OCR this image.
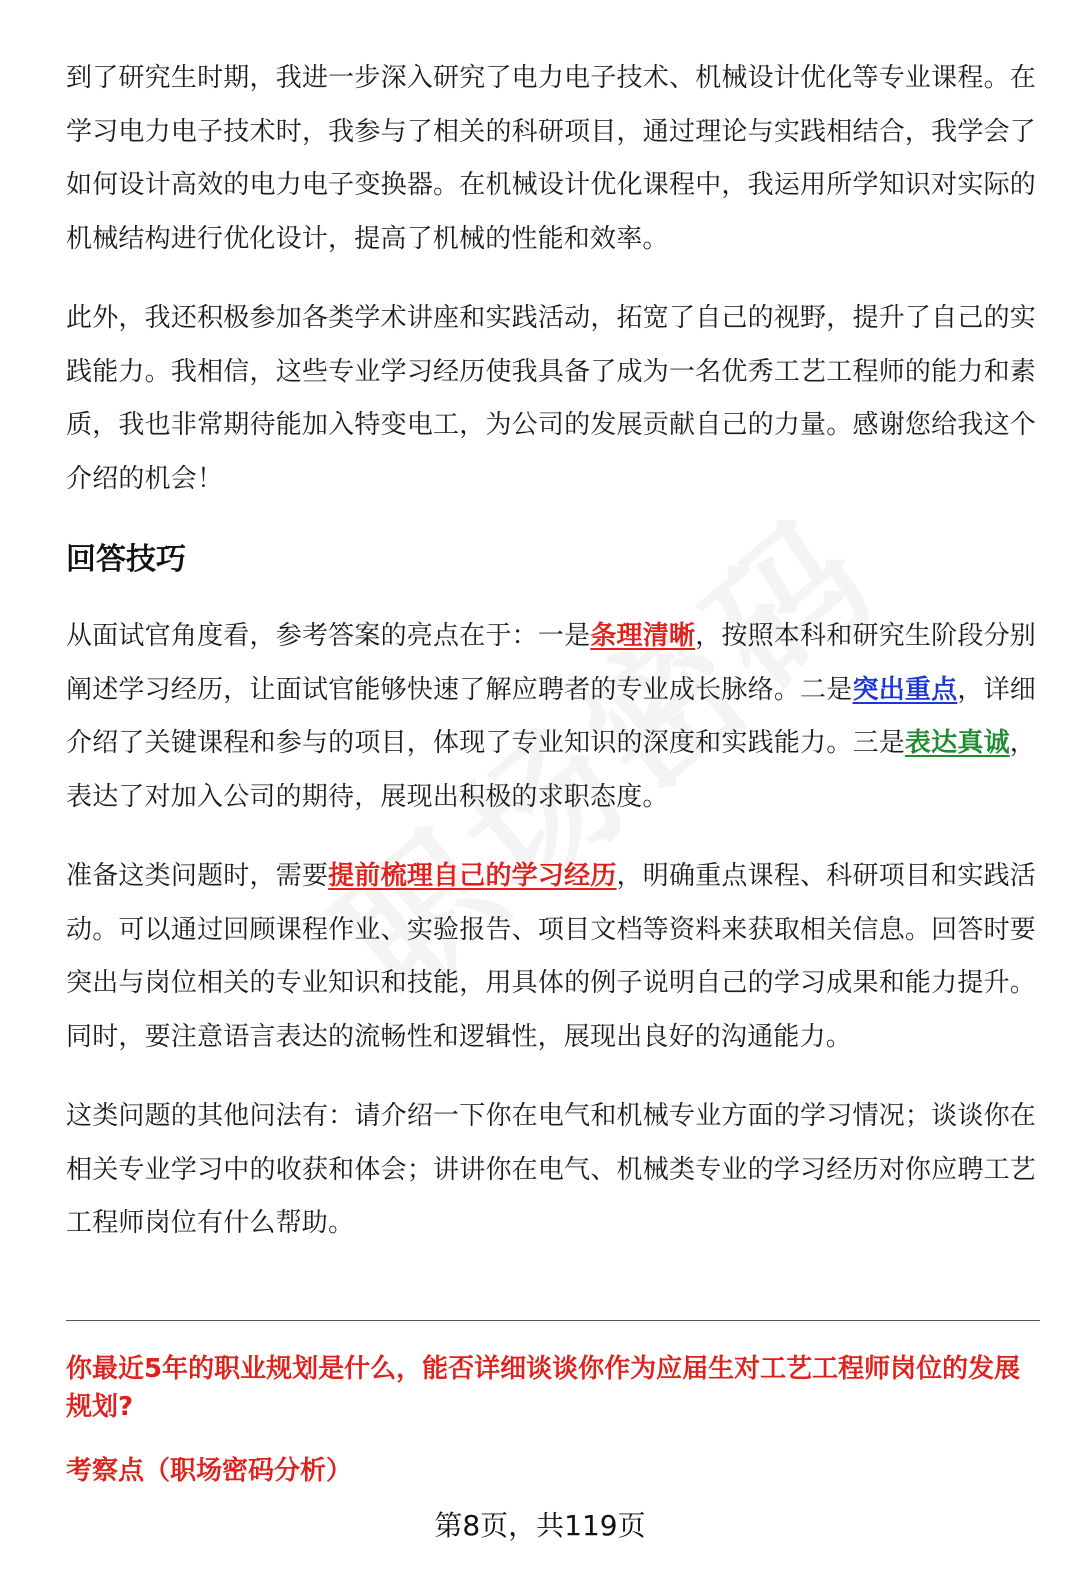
到了研究生时期，我进一步深入研究了电力电子技术、机械设计优化等专业课程。在学习电力电子技术时，我参与了相关的科研项目，通过理论与实践相结合，我学会了如何设计高效的电力电子变换器。在机械设计优化课程中，我运用所学知识对实际的机械结构进行优化设计，提高了机械的性能和效率。

此外，我还积极参加各类学术讲座和实践活动，拓宽了自己的视野，提升了自己的实践能力。我相信，这些专业学习经历使我具备了成为一名优秀工艺工程师的能力和素质，我也非常期待能加入特变电工，为公司的发展贡献自己的力量。感谢您给我这个介绍的机会！

回答技巧

从面试官角度看，参考答案的亮点在于：一是条理清晰，按照本科和研究生阶段分别阐述学习经历，让面试官能够快速了解应聘者的专业成长脉络。二是突出重点，详细介绍了关键课程和参与的项目，体现了专业知识的深度和实践能力。三是表达真诚，表达了对加入公司的期待，展现出积极的求职态度。

准备这类问题时，需要提前梳理自己的学习经历，明确重点课程、科研项目和实践活动。可以通过回顾课程作业、实验报告、项目文档等资料来获取相关信息。回答时要突出与岗位相关的专业知识和技能，用具体的例子说明自己的学习成果和能力提升。同时，要注意语言表达的流畅性和逻辑性，展现出良好的沟通能力。

这类问题的其他问法有：请介绍一下你在电气和机械专业方面的学习情况；谈谈你在相关专业学习中的收获和体会；讲讲你在电气、机械类专业的学习经历对你应聘工艺工程师岗位有什么帮助。

你最近5年的职业规划是什么，能否详细谈谈你作为应届生对工艺工程师岗位的发展规划?
考察点（职场密码分析）
第8页，共119页
